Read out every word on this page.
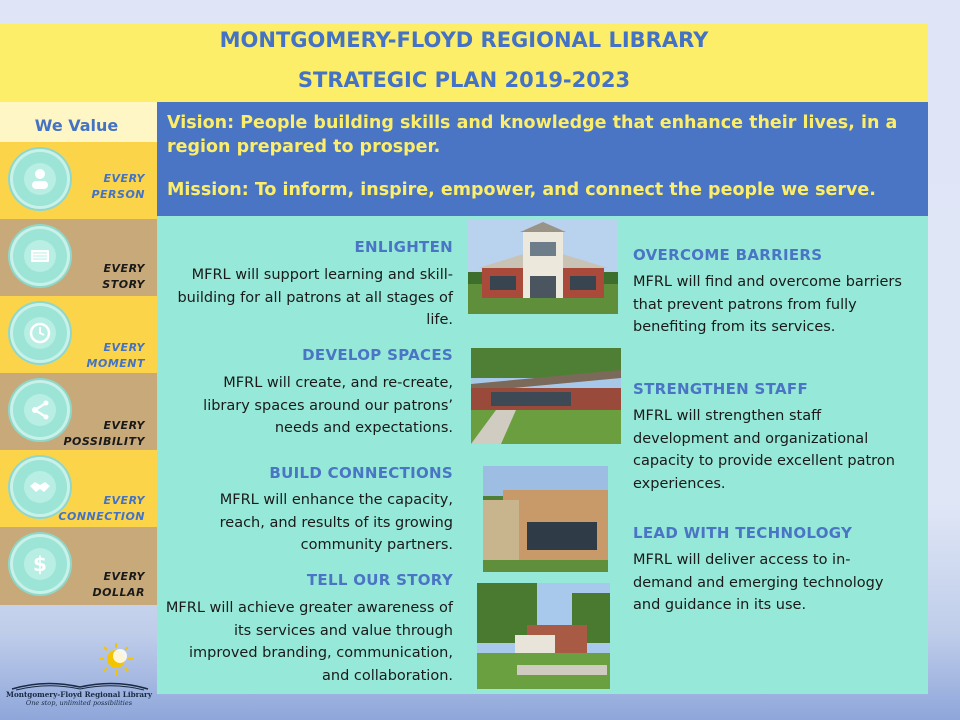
MONTGOMERY-FLOYD REGIONAL LIBRARY
STRATEGIC PLAN 2019-2023
We Value
EVERY
PERSON
EVERY
STORY
EVERY
MOMENT
EVERY
POSSIBILITY
EVERY
CONNECTION
$
EVERY
DOLLAR
Vision: People building skills and knowledge that enhance their lives, in a region prepared to prosper.
Mission: To inform, inspire, empower, and connect the people we serve.
ENLIGHTEN
MFRL will support learning and skill-building for all patrons at all stages of life.
DEVELOP SPACES
MFRL will create, and re-create, library spaces around our patrons’ needs and expectations.
BUILD CONNECTIONS
MFRL will enhance the capacity, reach, and results of its growing community partners.
TELL OUR STORY
MFRL will achieve greater awareness of its services and value through improved branding, communication, and collaboration.
OVERCOME BARRIERS
MFRL will find and overcome barriers that prevent patrons from fully benefiting from its services.
STRENGTHEN STAFF
MFRL will strengthen staff development and organizational capacity to provide excellent patron experiences.
LEAD WITH TECHNOLOGY
MFRL will deliver access to in-demand and emerging technology and guidance in its use.
Montgomery-Floyd Regional Library
One stop, unlimited possibilities
